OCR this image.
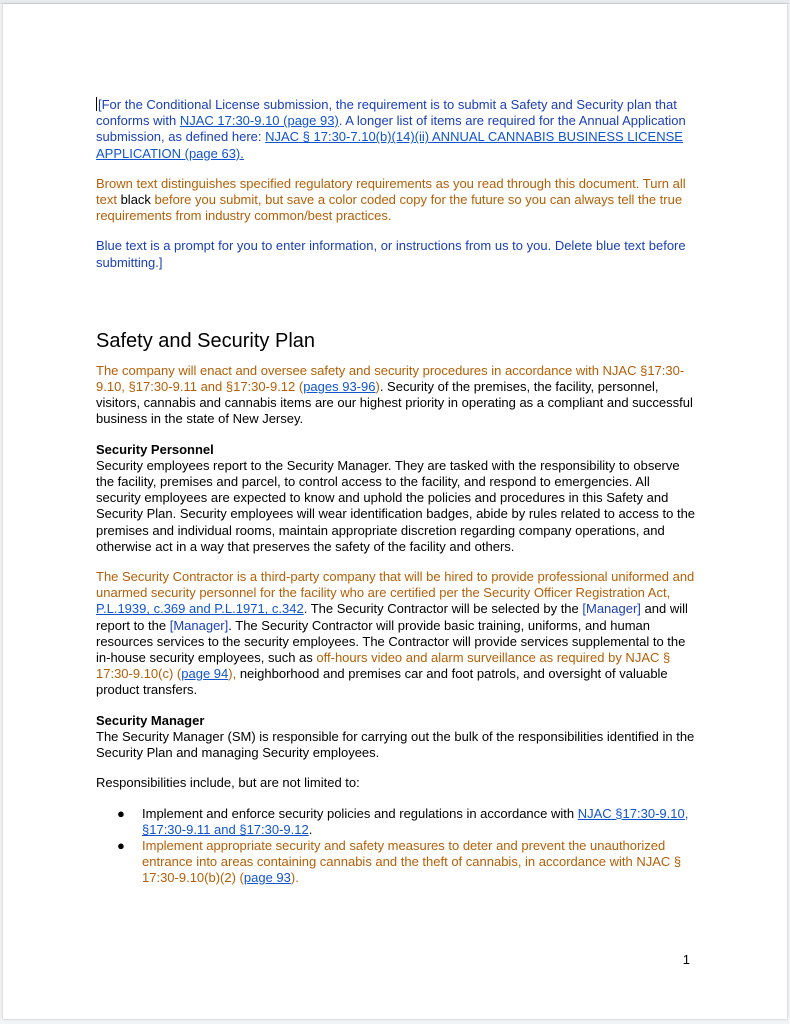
[For the Conditional License submission, the requirement is to submit a Safety and Security plan that conforms with NJAC 17:30-9.10 (page 93). A longer list of items are required for the Annual Application submission, as defined here: NJAC § 17:30-7.10(b)(14)(ii) ANNUAL CANNABIS BUSINESS LICENSE APPLICATION (page 63).

Brown text distinguishes specified regulatory requirements as you read through this document. Turn all text black before you submit, but save a color coded copy for the future so you can always tell the true requirements from industry common/best practices.

Blue text is a prompt for you to enter information, or instructions from us to you. Delete blue text before submitting.]

Safety and Security Plan

The company will enact and oversee safety and security procedures in accordance with NJAC §17:30-9.10, §17:30-9.11 and §17:30-9.12 (pages 93-96). Security of the premises, the facility, personnel, visitors, cannabis and cannabis items are our highest priority in operating as a compliant and successful business in the state of New Jersey.

Security Personnel

Security employees report to the Security Manager. They are tasked with the responsibility to observe the facility, premises and parcel, to control access to the facility, and respond to emergencies. All security employees are expected to know and uphold the policies and procedures in this Safety and Security Plan. Security employees will wear identification badges, abide by rules related to access to the premises and individual rooms, maintain appropriate discretion regarding company operations, and otherwise act in a way that preserves the safety of the facility and others.

The Security Contractor is a third-party company that will be hired to provide professional uniformed and unarmed security personnel for the facility who are certified per the Security Officer Registration Act, P.L.1939, c.369 and P.L.1971, c.342. The Security Contractor will be selected by the [Manager] and will report to the [Manager]. The Security Contractor will provide basic training, uniforms, and human resources services to the security employees. The Contractor will provide services supplemental to the in-house security employees, such as off-hours video and alarm surveillance as required by NJAC § 17:30-9.10(c) (page 94), neighborhood and premises car and foot patrols, and oversight of valuable product transfers.

Security Manager

The Security Manager (SM) is responsible for carrying out the bulk of the responsibilities identified in the Security Plan and managing Security employees.

Responsibilities include, but are not limited to:

● Implement and enforce security policies and regulations in accordance with NJAC §17:30-9.10, §17:30-9.11 and §17:30-9.12.
● Implement appropriate security and safety measures to deter and prevent the unauthorized entrance into areas containing cannabis and the theft of cannabis, in accordance with NJAC § 17:30-9.10(b)(2) (page 93).
1
